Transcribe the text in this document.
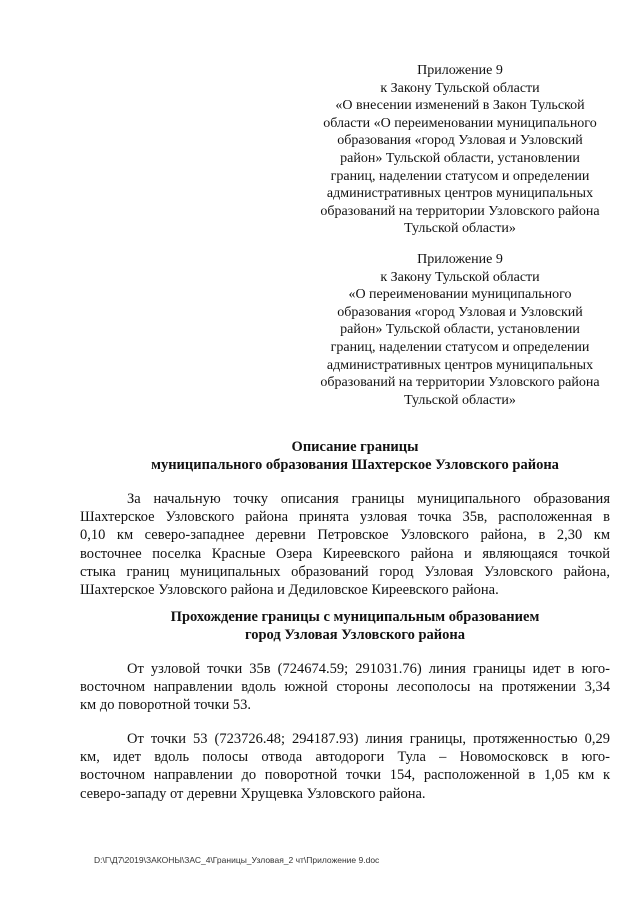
Приложение 9
к Закону Тульской области
«О внесении изменений в Закон Тульской
области «О переименовании муниципального
образования «город Узловая и Узловский
район» Тульской области, установлении
границ, наделении статусом и определении
административных центров муниципальных
образований на территории Узловского района
Тульской области»
Приложение 9
к Закону Тульской области
«О переименовании муниципального
образования «город Узловая и Узловский
район» Тульской области, установлении
границ, наделении статусом и определении
административных центров муниципальных
образований на территории Узловского района
Тульской области»
Описание границы
муниципального образования Шахтерское Узловского района
За начальную точку описания границы муниципального образования
Шахтерское Узловского района принята узловая точка 35в, расположенная в
0,10 км северо-западнее деревни Петровское Узловского района, в 2,30 км
восточнее поселка Красные Озера Киреевского района и являющаяся точкой
стыка границ муниципальных образований город Узловая Узловского района,
Шахтерское Узловского района и Дедиловское Киреевского района.
Прохождение границы с муниципальным образованием
город Узловая Узловского района
От узловой точки 35в (724674.59; 291031.76) линия границы идет в юго-
восточном направлении вдоль южной стороны лесополосы на протяжении 3,34
км до поворотной точки 53.
От точки 53 (723726.48; 294187.93) линия границы, протяженностью 0,29
км, идет вдоль полосы отвода автодороги Тула – Новомосковск в юго-
восточном направлении до поворотной точки 154, расположенной в 1,05 км к
северо-западу от деревни Хрущевка Узловского района.
D:\Г\Д7\2019\ЗАКОНЫ\ЗАС_4\Границы_Узловая_2 чт\Приложение 9.doc
